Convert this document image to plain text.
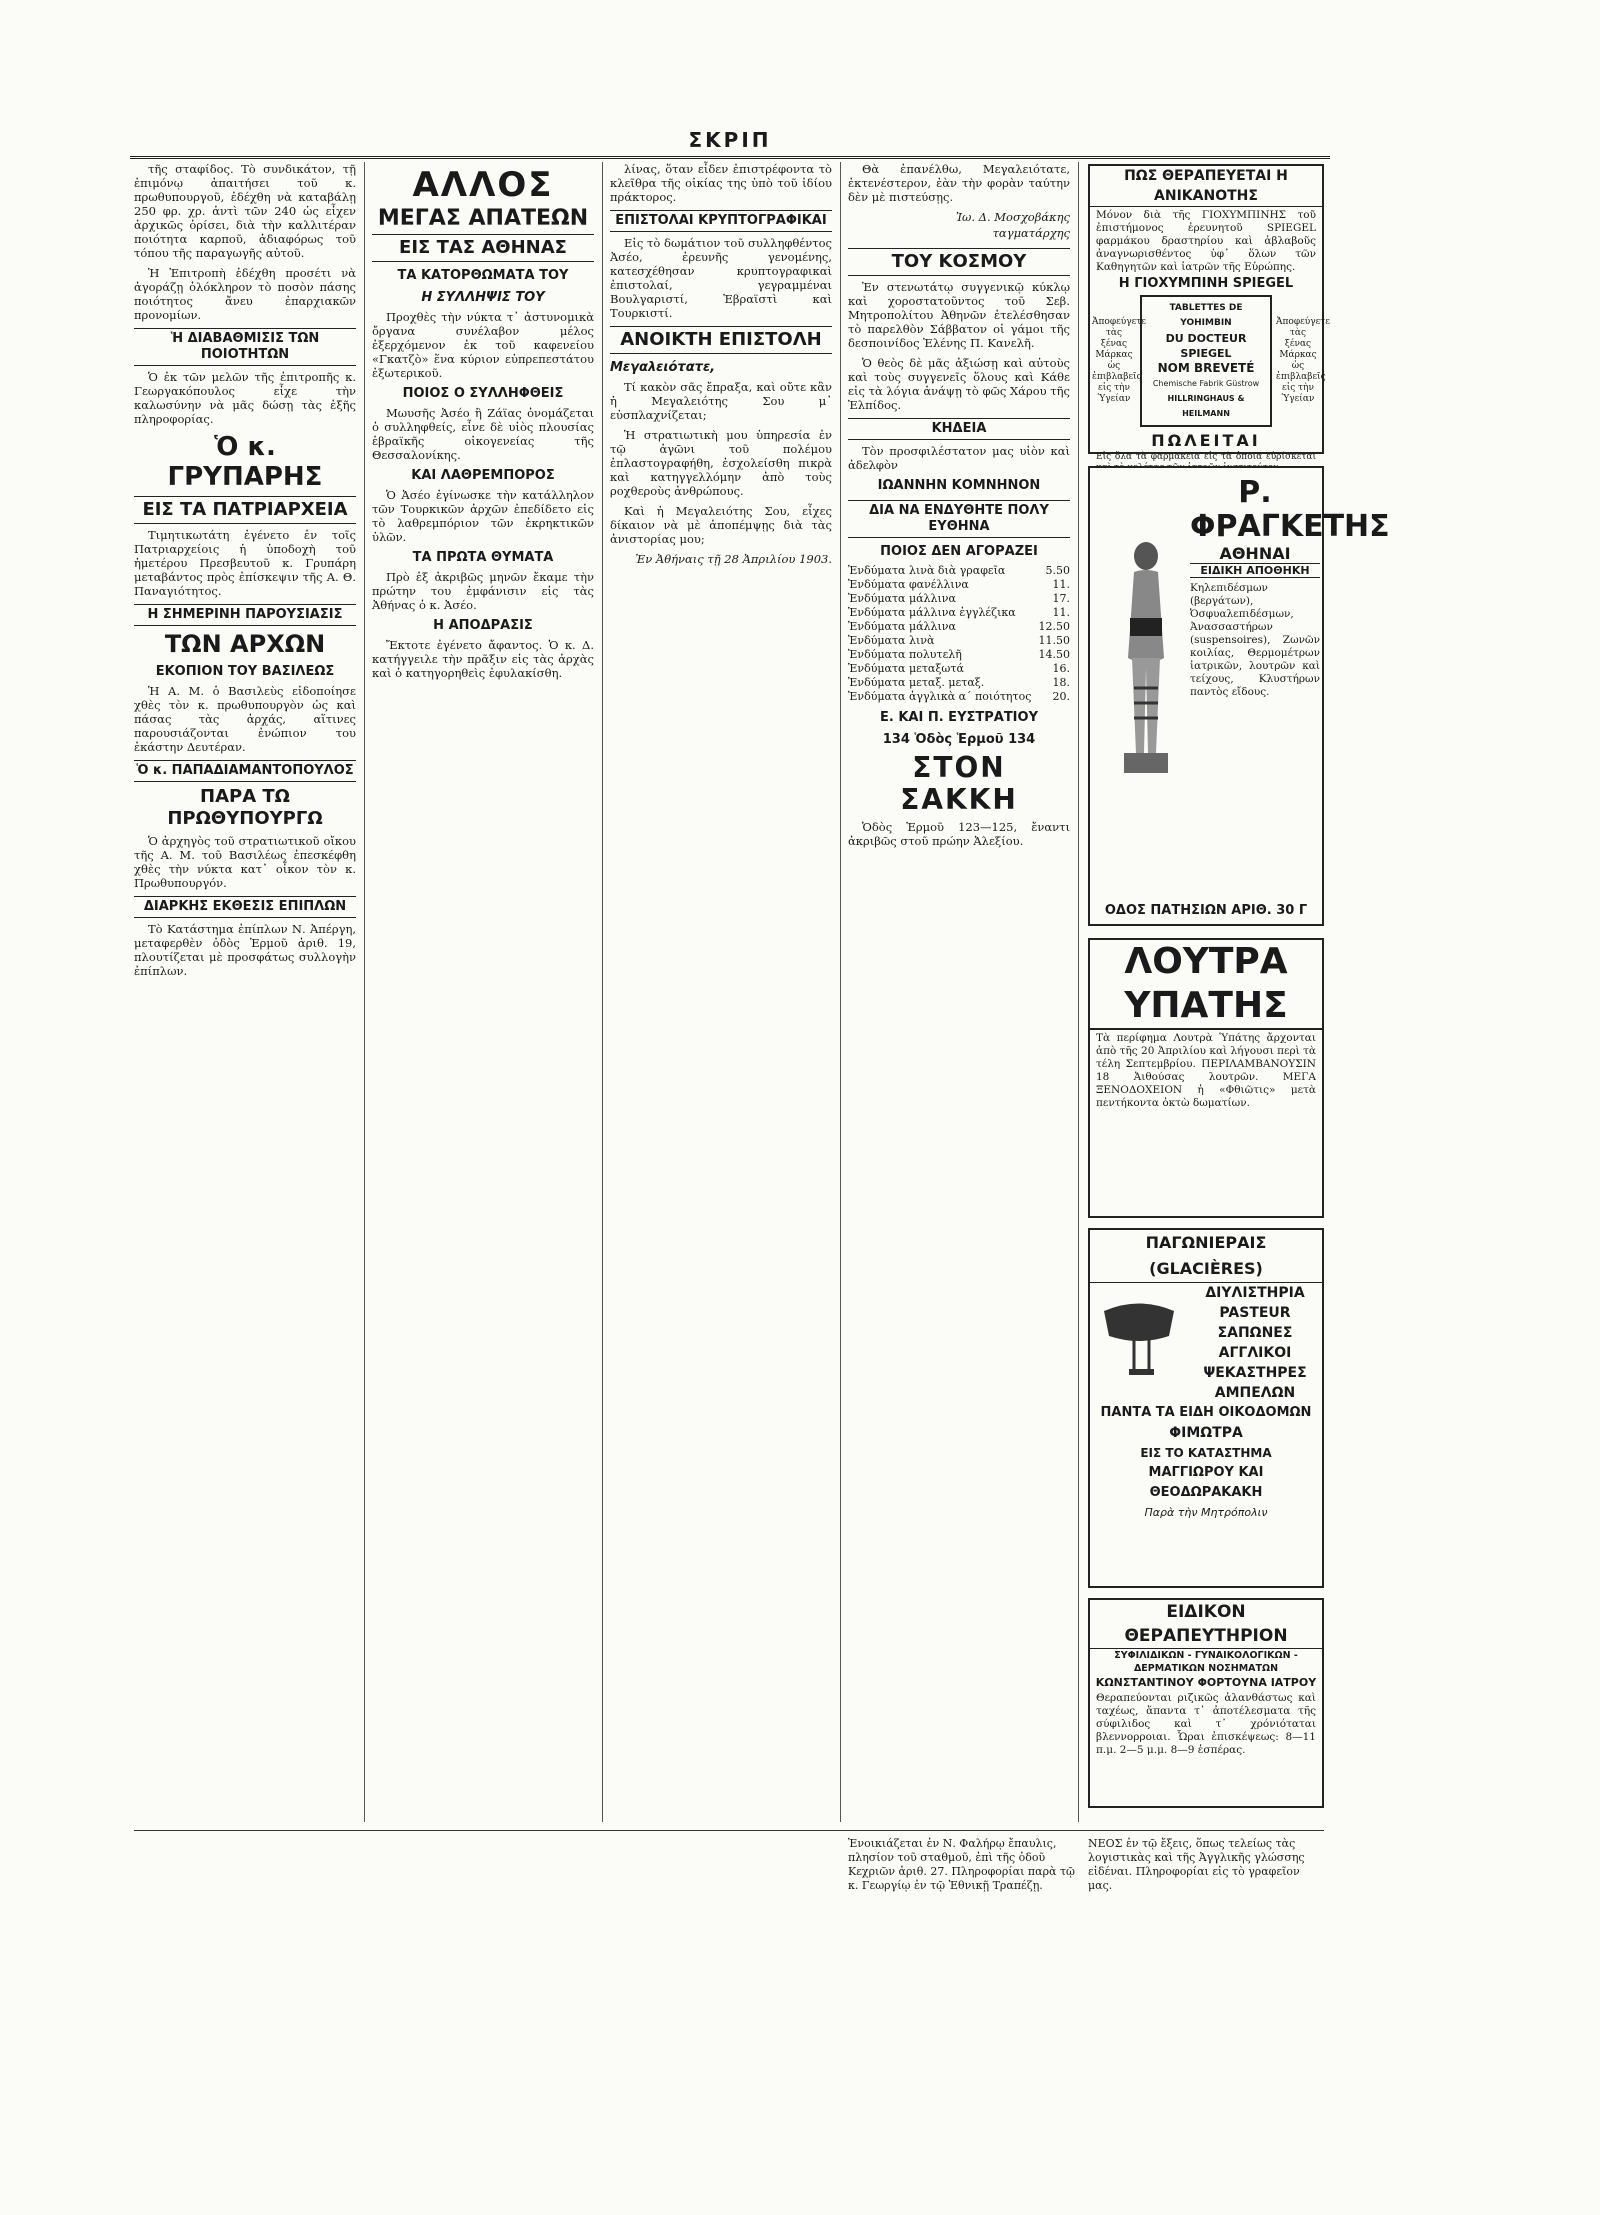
ΣΚΡΙΠ

τῆς σταφίδος. Τὸ συνδικάτον, τῇ ἐπιμόνῳ ἀπαιτήσει τοῦ κ. πρωθυπουργοῦ, ἐδέχθη νὰ καταβάλῃ 250 φρ. χρ. ἀντὶ τῶν 240 ὡς εἶχεν ἀρχικῶς ὁρίσει, διὰ τὴν καλλιτέραν ποιότητα καρποῦ, ἀδιαφόρως τοῦ τόπου τῆς παραγωγῆς αὐτοῦ.

Ἡ Ἐπιτροπὴ ἐδέχθη προσέτι νὰ ἀγοράζῃ ὁλόκληρον τὸ ποσὸν πάσης ποιότητος ἄνευ ἐπαρχιακῶν προνομίων.

Ἡ ΔΙΑΒΑΘΜΙΣΙΣ ΤΩΝ ΠΟΙΟΤΗΤΩΝ

Ὁ ἐκ τῶν μελῶν τῆς ἐπιτροπῆς κ. Γεωργακόπουλος εἶχε τὴν καλωσύνην νὰ μᾶς δώσῃ τὰς ἑξῆς πληροφορίας.

Ὁ κ. ΓΡΥΠΑΡΗΣ
ΕΙΣ ΤΑ ΠΑΤΡΙΑΡΧΕΙΑ

Τιμητικωτάτη ἐγένετο ἐν τοῖς Πατριαρχείοις ἡ ὑποδοχὴ τοῦ ἡμετέρου Πρεσβευτοῦ κ. Γρυπάρη μεταβάντος πρὸς ἐπίσκεψιν τῆς Α. Θ. Παναγιότητος.

Η ΣΗΜΕΡΙΝΗ ΠΑΡΟΥΣΙΑΣΙΣ
ΤΩΝ ΑΡΧΩΝ
ΕΚΟΠΙΟΝ ΤΟΥ ΒΑΣΙΛΕΩΣ

Ἡ Α. Μ. ὁ Βασιλεὺς εἰδοποίησε χθὲς τὸν κ. πρωθυπουργὸν ὡς καὶ πάσας τὰς ἀρχάς, αἵτινες παρουσιάζονται ἐνώπιον του ἑκάστην Δευτέραν.

Ὁ κ. ΠΑΠΑΔΙΑΜΑΝΤΟΠΟΥΛΟΣ
ΠΑΡΑ ΤΩ ΠΡΩΘΥΠΟΥΡΓΩ

Ὁ ἀρχηγὸς τοῦ στρατιωτικοῦ οἴκου τῆς Α. Μ. τοῦ Βασιλέως ἐπεσκέφθη χθὲς τὴν νύκτα κατ᾽ οἶκον τὸν κ. Πρωθυπουργόν.

ΔΙΑΡΚΗΣ ΕΚΘΕΣΙΣ ΕΠΙΠΛΩΝ

Τὸ Κατάστημα ἐπίπλων Ν. Ἀπέργη, μεταφερθὲν ὁδὸς Ἑρμοῦ ἀριθ. 19, πλουτίζεται μὲ προσφάτως συλλογὴν ἐπίπλων.

ΑΛΛΟΣ
ΜΕΓΑΣ ΑΠΑΤΕΩΝ
ΕΙΣ ΤΑΣ ΑΘΗΝΑΣ
ΤΑ ΚΑΤΟΡΘΩΜΑΤΑ ΤΟΥ
Η ΣΥΛΛΗΨΙΣ ΤΟΥ

Προχθὲς τὴν νύκτα τ᾽ ἀστυνομικὰ ὄργανα συνέλαβον μέλος ἐξερχόμενον ἐκ τοῦ καφενείου «Γκατζὸ» ἕνα κύριον εὐπρεπεστάτου ἐξωτερικοῦ.

ΠΟΙΟΣ Ο ΣΥΛΛΗΦΘΕΙΣ

Μωυσῆς Ἀσέο ἢ Ζάϊας ὀνομάζεται ὁ συλληφθείς, εἶνε δὲ υἱὸς πλουσίας ἑβραϊκῆς οἰκογενείας τῆς Θεσσαλονίκης.

ΚΑΙ ΛΑΘΡΕΜΠΟΡΟΣ

Ὁ Ἀσέο ἐγίνωσκε τὴν κατάλληλον τῶν Τουρκικῶν ἀρχῶν ἐπεδίδετο εἰς τὸ λαθρεμπόριον τῶν ἐκρηκτικῶν ὑλῶν.

ΤΑ ΠΡΩΤΑ ΘΥΜΑΤΑ

Πρὸ ἐξ ἀκριβῶς μηνῶν ἔκαμε τὴν πρώτην του ἐμφάνισιν εἰς τὰς Ἀθήνας ὁ κ. Ἀσέο.

Η ΑΠΟΔΡΑΣΙΣ

Ἔκτοτε ἐγένετο ἄφαντος. Ὁ κ. Δ. κατήγγειλε τὴν πρᾶξιν εἰς τὰς ἀρχὰς καὶ ὁ κατηγορηθεὶς ἐφυλακίσθη.

λίνας, ὅταν εἶδεν ἐπιστρέφοντα τὸ κλεῖθρα τῆς οἰκίας της ὑπὸ τοῦ ἰδίου πράκτορος.

ΕΠΙΣΤΟΛΑΙ ΚΡΥΠΤΟΓΡΑΦΙΚΑΙ

Εἰς τὸ δωμάτιον τοῦ συλληφθέντος Ἀσέο, ἐρευνῆς γενομένης, κατεσχέθησαν κρυπτογραφικαὶ ἐπιστολαί, γεγραμμέναι Βουλγαριστί, Ἑβραϊστὶ καὶ Τουρκιστί.

ΑΝΟΙΚΤΗ ΕΠΙΣΤΟΛΗ
Μεγαλειότατε,

Τί κακὸν σᾶς ἔπραξα, καὶ οὔτε κἂν ἡ Μεγαλειότης Σου μ᾽ εὐσπλαχνίζεται;

Ἡ στρατιωτικὴ μου ὑπηρεσία ἐν τῷ ἀγῶνι τοῦ πολέμου ἐπλαστογραφήθη, ἐσχολείσθη πικρὰ καὶ κατηγγελλόμην ἀπὸ τοὺς ροχθεροὺς ἀνθρώπους.

Καὶ ἡ Μεγαλειότης Σου, εἶχες δίκαιον νὰ μὲ ἀποπέμψῃς διὰ τὰς ἀνιστορίας μου;

Ἐν Ἀθήναις τῇ 28 Ἀπριλίου 1903.

Θὰ ἐπανέλθω, Μεγαλειότατε, ἐκτενέστερον, ἐὰν τὴν φορὰν ταύτην δὲν μὲ πιστεύσῃς.

Ἰω. Δ. Μοσχοβάκης
ταγματάρχης
ΤΟΥ ΚΟΣΜΟΥ

Ἐν στενωτάτῳ συγγενικῷ κύκλῳ καὶ χοροστατοῦντος τοῦ Σεβ. Μητροπολίτου Ἀθηνῶν ἐτελέσθησαν τὸ παρελθὸν Σάββατον οἱ γάμοι τῆς δεσποινίδος Ἑλένης Π. Κανελῆ.

Ὁ θεὸς δὲ μᾶς ἀξιώσῃ καὶ αὐτοὺς καὶ τοὺς συγγενεῖς ὅλους καὶ Κάθε εἰς τὰ λόγια ἀνάψῃ τὸ φῶς Χάρου τῆς Ἐλπίδος.

ΚΗΔΕΙΑ

Τὸν προσφιλέστατον μας υἱὸν καὶ ἀδελφὸν

ΙΩΑΝΝΗΝ ΚΟΜΝΗΝΟΝ
ΔΙΑ ΝΑ ΕΝΔΥΘΗΤΕ ΠΟΛΥ ΕΥΘΗΝΑ
ΠΟΙΟΣ ΔΕΝ ΑΓΟΡΑΖΕΙ
Ἐνδύματα λινὰ διὰ γραφεῖα	5.50
Ἐνδύματα φανέλλινα	11.
Ἐνδύματα μάλλινα	17.
Ἐνδύματα μάλλινα ἐγγλέζικα	11.
Ἐνδύματα μάλλινα	12.50
Ἐνδύματα λινὰ	11.50
Ἐνδύματα πολυτελῆ	14.50
Ἐνδύματα μεταξωτά	16.
Ἐνδύματα μεταξ. μεταξ.	18.
Ἐνδύματα ἀγγλικὰ α΄ ποιότητος 20.
Ε. ΚΑΙ Π. ΕΥΣΤΡΑΤΙΟΥ
134 Ὁδὸς Ἑρμοῦ 134
ΣΤΟΝ ΣΑΚΚΗ

Ὁδὸς Ἑρμοῦ 123—125, ἔναντι ἀκριβῶς στοῦ πρώην Ἀλεξίου.

ΠΩΣ ΘΕΡΑΠΕΥΕΤΑΙ Η ΑΝΙΚΑΝΟΤΗΣ
Μόνον διὰ τῆς ΓΙΟΧΥΜΠΙΝΗΣ τοῦ ἐπιστήμονος ἐρευνητοῦ SPIEGEL φαρμάκου δραστηρίου καὶ ἀβλαβοῦς ἀναγνωρισθέντος ὑφ᾽ ὅλων τῶν Καθηγητῶν καὶ ἰατρῶν τῆς Εὐρώπης.
Η ΓΙΟΧΥΜΠΙΝΗ SPIEGEL
Ἀποφεύγετε τὰς ξένας Μάρκας ὡς ἐπιβλαβεῖς εἰς τὴν Ὑγείαν
TABLETTES DE YOHIMBIN
DU DOCTEUR SPIEGEL
NOM BREVETÉ
Chemische Fabrik Güstrow
HILLRINGHAUS & HEILMANN
Ἀποφεύγετε τὰς ξένας Μάρκας ὡς ἐπιβλαβεῖς εἰς τὴν Ὑγείαν
ΠΩΛΕΙΤΑΙ
Εἰς ὅλα τὰ φαρμακεῖα εἰς τὰ ὁποῖα εὑρίσκεται
Ρ. ΦΡΑΓΚΕΤΗΣ
ΑΘΗΝΑΙ
ΕΙΔΙΚΗ ΑΠΟΘΗΚΗ
Κηλεπιδέσμων (βεργάτων), Ὀσφυαλεπιδέσμων, Ἀνασσαστήρων (suspensoires), Ζωνῶν κοιλίας, Θερμομέτρων ἰατρικῶν, λουτρῶν καὶ τείχους, Κλυστήρων παντὸς εἴδους.
ΟΔΟΣ ΠΑΤΗΣΙΩΝ ΑΡΙΘ. 30 Γ
ΛΟΥΤΡΑ ΥΠΑΤΗΣ
Τὰ περίφημα Λουτρὰ Ὑπάτης ἄρχονται ἀπὸ τῆς 20 Ἀπριλίου καὶ λήγουσι περὶ τὰ τέλη Σεπτεμβρίου. ΠΕΡΙΛΑΜΒΑΝΟΥΣΙΝ 18 Ἀιθούσας λουτρῶν. ΜΕΓΑ ΞΕΝΟΔΟΧΕΙΟΝ ἡ «Φθιῶτις» μετὰ πεντήκοντα ὀκτὼ δωματίων.
ΠΑΓΩΝΙΕΡΑΙΣ (GLACIÈRES)
ΔΙΥΛΙΣΤΗΡΙΑ PASTEUR
ΣΑΠΩΝΕΣ ΑΓΓΛΙΚΟΙ
ΨΕΚΑΣΤΗΡΕΣ ΑΜΠΕΛΩΝ
ΠΑΝΤΑ ΤΑ ΕΙΔΗ ΟΙΚΟΔΟΜΩΝ
ΦΙΜΩΤΡΑ
ΕΙΣ ΤΟ ΚΑΤΑΣΤΗΜΑ
ΜΑΓΓΙΩΡΟΥ ΚΑΙ ΘΕΟΔΩΡΑΚΑΚΗ
Παρὰ τὴν Μητρόπολιν
ΕΙΔΙΚΟΝ ΘΕΡΑΠΕΥΤΗΡΙΟΝ
ΣΥΦΙΛΙΔΙΚΩΝ - ΓΥΝΑΙΚΟΛΟΓΙΚΩΝ - ΔΕΡΜΑΤΙΚΩΝ ΝΟΣΗΜΑΤΩΝ
ΚΩΝΣΤΑΝΤΙΝΟΥ ΦΟΡΤΟΥΝΑ ΙΑΤΡΟΥ
Θεραπεύονται ριζικῶς ἀλανθάστως καὶ ταχέως, ἅπαντα τ᾽ ἀποτέλεσματα τῆς σύφιλιδος καὶ τ᾽ χρόνιόταται βλεννορροιαι. Ὧραι ἐπισκέψεως: 8—11 π.μ. 2—5 μ.μ. 8—9 ἑσπέρας.
Ἐνοικιάζεται ἐν Ν. Φαλήρῳ ἔπαυλις, πλησίον τοῦ σταθμοῦ, ἐπὶ τῆς ὁδοῦ Κεχριῶν ἀριθ. 27. Πληροφορίαι παρὰ τῷ κ. Γεωργίῳ ἐν τῷ Ἐθνικῇ Τραπέζῃ.
ΝΕΟΣ ἐν τῷ ἔξεις, ὅπως τελείως τὰς λογιστικὰς καὶ τῆς Ἀγγλικῆς γλώσσης εἰδέναι. Πληροφορίαι εἰς τὸ γραφεῖον μας.
